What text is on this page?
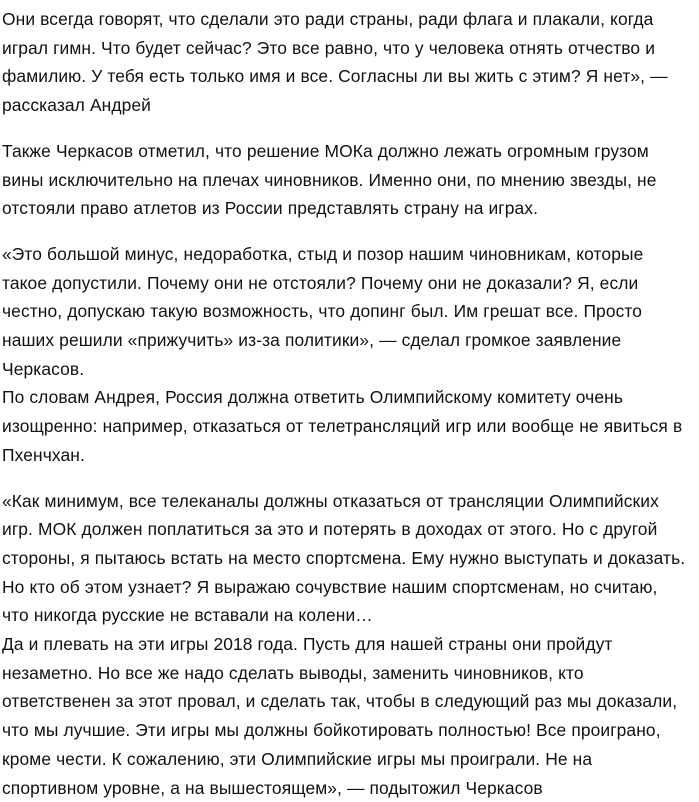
Они всегда говорят, что сделали это ради страны, ради флага и плакали, когда играл гимн. Что будет сейчас? Это все равно, что у человека отнять отчество и фамилию. У тебя есть только имя и все. Согласны ли вы жить с этим? Я нет», — рассказал Андрей

Также Черкасов отметил, что решение МОКа должно лежать огромным грузом вины исключительно на плечах чиновников. Именно они, по мнению звезды, не отстояли право атлетов из России представлять страну на играх.

«Это большой минус, недоработка, стыд и позор нашим чиновникам, которые такое допустили. Почему они не отстояли? Почему они не доказали? Я, если честно, допускаю такую возможность, что допинг был. Им грешат все. Просто наших решили «прижучить» из-за политики», — сделал громкое заявление Черкасов.
По словам Андрея, Россия должна ответить Олимпийскому комитету очень изощренно: например, отказаться от телетрансляций игр или вообще не явиться в Пхенчхан.

«Как минимум, все телеканалы должны отказаться от трансляции Олимпийских игр. МОК должен поплатиться за это и потерять в доходах от этого. Но с другой стороны, я пытаюсь встать на место спортсмена. Ему нужно выступать и доказать. Но кто об этом узнает? Я выражаю сочувствие нашим спортсменам, но считаю, что никогда русские не вставали на колени…
Да и плевать на эти игры 2018 года. Пусть для нашей страны они пройдут незаметно. Но все же надо сделать выводы, заменить чиновников, кто ответственен за этот провал, и сделать так, чтобы в следующий раз мы доказали, что мы лучшие. Эти игры мы должны бойкотировать полностью! Все проиграно, кроме чести. К сожалению, эти Олимпийские игры мы проиграли. Не на спортивном уровне, а на вышестоящем», — подытожил Черкасов
